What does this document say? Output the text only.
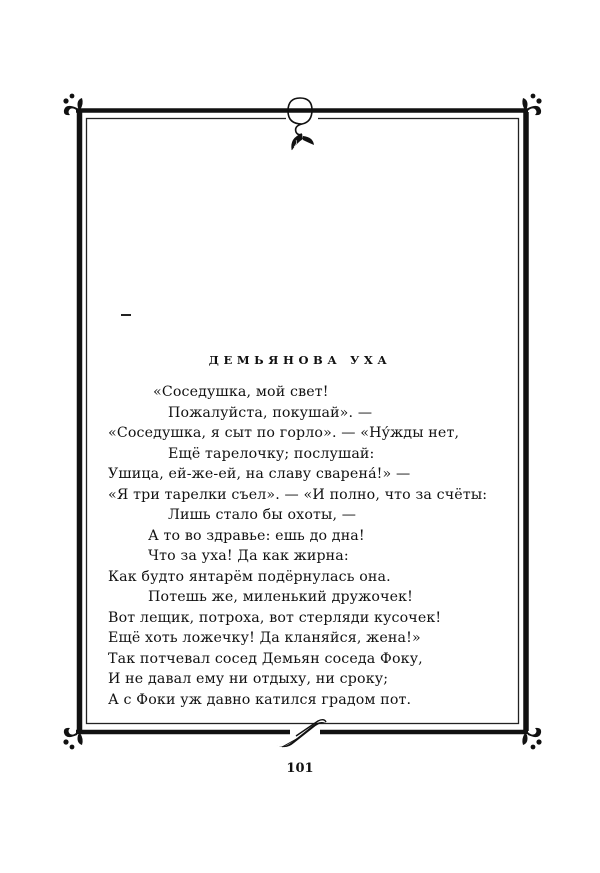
ДЕМЬЯНОВА УХА
«Соседушка, мой свет!
Пожалуйста, покушай». —
«Соседушка, я сыт по горло». — «Ну́жды нет,
Ещё тарелочку; послушай:
Ушица, ей-же-ей, на славу сварена́!» —
«Я три тарелки съел». — «И полно, что за счёты:
Лишь стало бы охоты, —
А то во здравье: ешь до дна!
Что за уха! Да как жирна:
Как будто янтарём подёрнулась она.
Потешь же, миленький дружочек!
Вот лещик, потроха, вот стерляди кусочек!
Ещё хоть ложечку! Да кланяйся, жена!»
Так потчевал сосед Демьян соседа Фоку,
И не давал ему ни отдыху, ни сроку;
А с Фоки уж давно катился градом пот.
101
